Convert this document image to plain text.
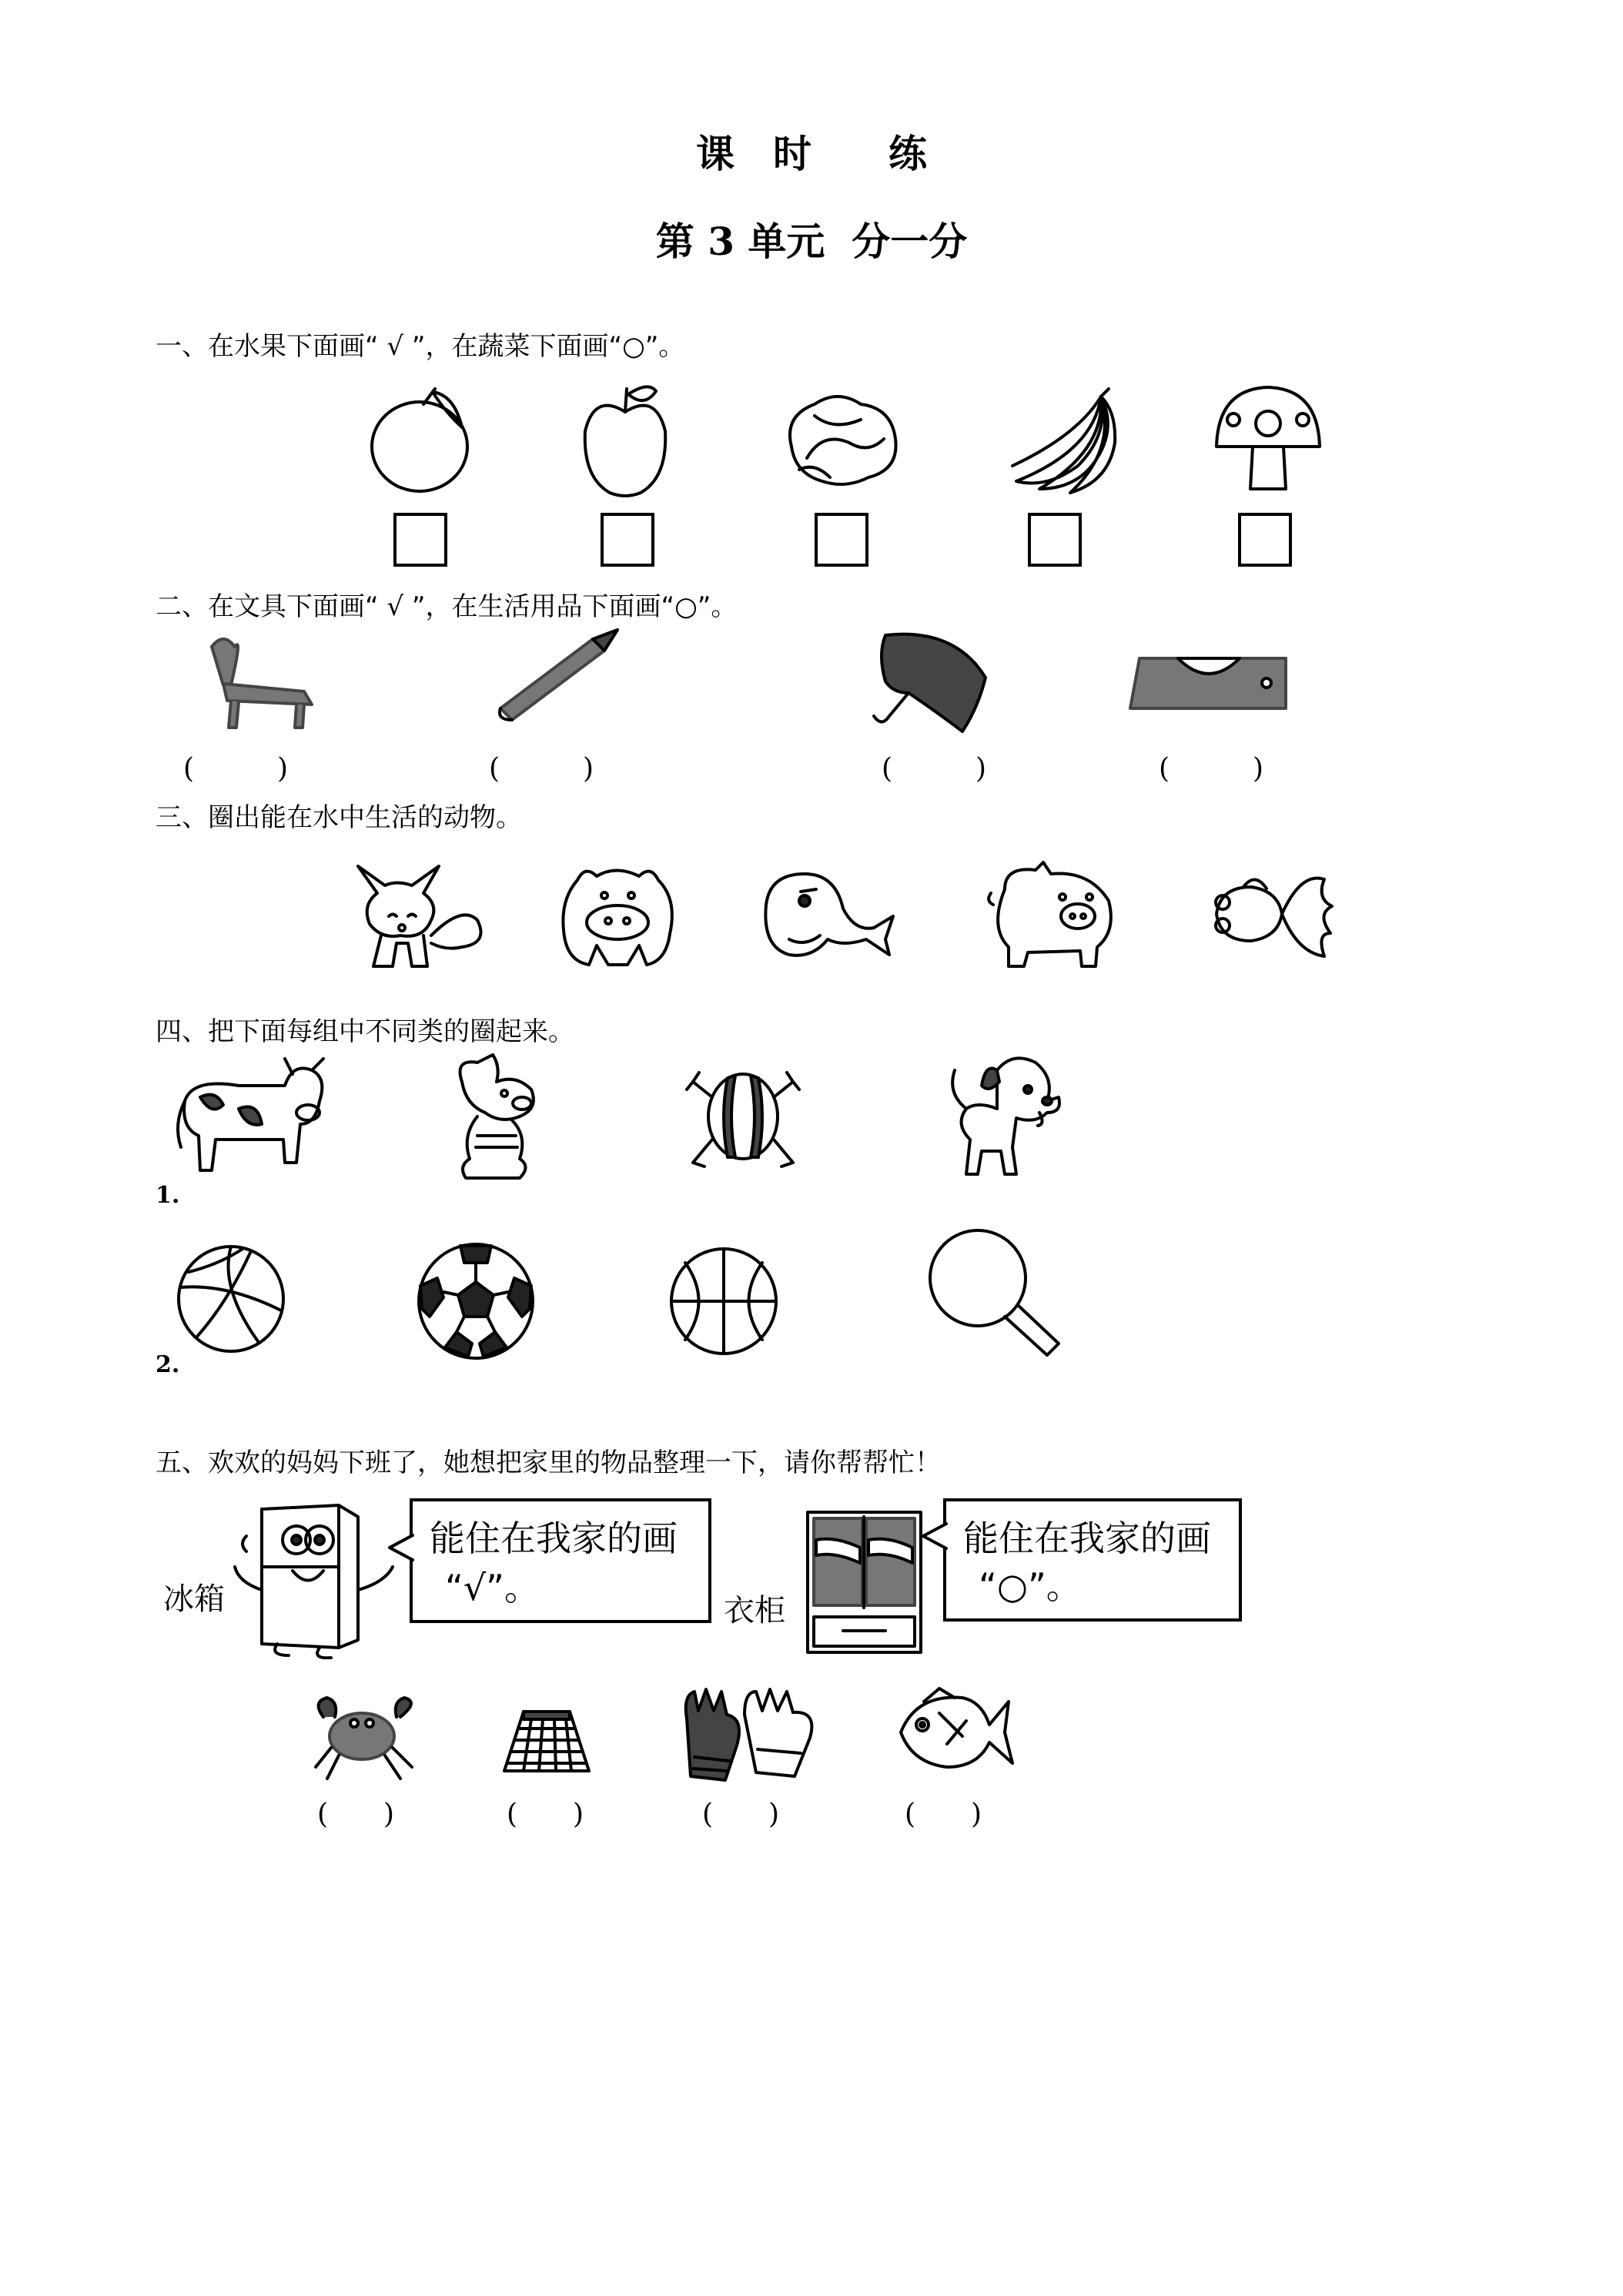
课　时　　练
第 3 单元  分一分
一、在水果下面画“ √ ”，在蔬菜下面画“○”。
二、在文具下面画“ √ ”，在生活用品下面画“○”。
(　　　)	(　　　)	(　　　)	(　　　)
三、圈出能在水中生活的动物。
四、把下面每组中不同类的圈起来。
1.
2.
五、欢欢的妈妈下班了，她想把家里的物品整理一下，请你帮帮忙！
冰箱
能住在我家的画
“√”。
衣柜
能住在我家的画
“○”。
(　　)	(　　)	(　　)	(　　)
